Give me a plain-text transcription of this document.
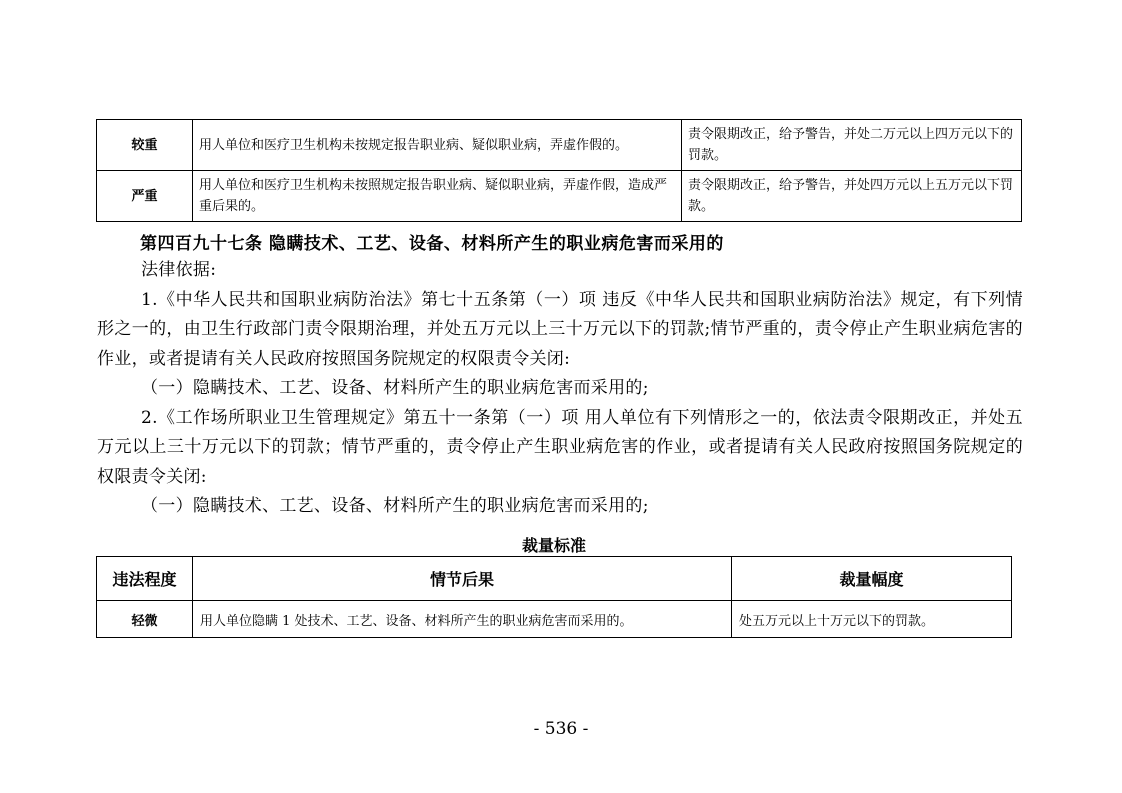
较重	用人单位和医疗卫生机构未按规定报告职业病、疑似职业病，弄虚作假的。	责令限期改正，给予警告，并处二万元以上四万元以下的罚款。
严重	用人单位和医疗卫生机构未按照规定报告职业病、疑似职业病，弄虚作假，造成严重后果的。	责令限期改正，给予警告，并处四万元以上五万元以下罚款。
第四百九十七条 隐瞒技术、工艺、设备、材料所产生的职业病危害而采用的

法律依据:

1.《中华人民共和国职业病防治法》第七十五条第（一）项 违反《中华人民共和国职业病防治法》规定，有下列情形之一的，由卫生行政部门责令限期治理，并处五万元以上三十万元以下的罚款;情节严重的，责令停止产生职业病危害的作业，或者提请有关人民政府按照国务院规定的权限责令关闭:

（一）隐瞒技术、工艺、设备、材料所产生的职业病危害而采用的;

2.《工作场所职业卫生管理规定》第五十一条第（一）项 用人单位有下列情形之一的，依法责令限期改正，并处五万元以上三十万元以下的罚款；情节严重的，责令停止产生职业病危害的作业，或者提请有关人民政府按照国务院规定的权限责令关闭:

（一）隐瞒技术、工艺、设备、材料所产生的职业病危害而采用的;

裁量标准
违法程度	情节后果	裁量幅度
轻微	用人单位隐瞒 1 处技术、工艺、设备、材料所产生的职业病危害而采用的。	处五万元以上十万元以下的罚款。
- 536 -
